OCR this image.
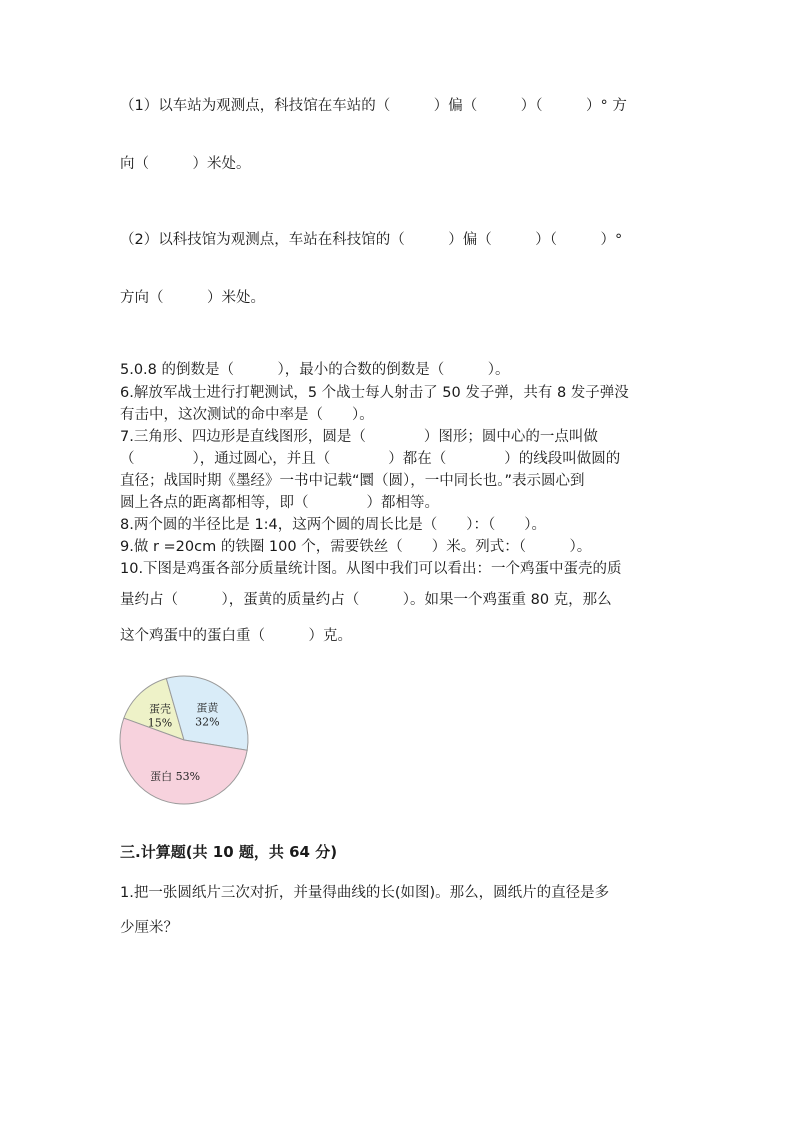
（1）以车站为观测点，科技馆在车站的（　　　）偏（　　　）（　　　）° 方
向（　　　）米处。
（2）以科技馆为观测点，车站在科技馆的（　　　）偏（　　　）（　　　）°
方向（　　　）米处。
5.0.8 的倒数是（　　　），最小的合数的倒数是（　　　）。
6.解放军战士进行打靶测试，5 个战士每人射击了 50 发子弹，共有 8 发子弹没
有击中，这次测试的命中率是（　　）。
7.三角形、四边形是直线图形，圆是（　　　　）图形；圆中心的一点叫做
（　　　　），通过圆心，并且（　　　　）都在（　　　　）的线段叫做圆的
直径；战国时期《墨经》一书中记载“圜（圆），一中同长也。”表示圆心到
圆上各点的距离都相等，即（　　　　）都相等。
8.两个圆的半径比是 1:4，这两个圆的周长比是（　　）：（　　）。
9.做 r =20cm 的铁圈 100 个，需要铁丝（　　）米。列式：（　　　）。
10.下图是鸡蛋各部分质量统计图。从图中我们可以看出：一个鸡蛋中蛋壳的质
量约占（　　　），蛋黄的质量约占（　　　）。如果一个鸡蛋重 80 克，那么
这个鸡蛋中的蛋白重（　　　）克。
蛋壳
15%
蛋黄
32%
蛋白 53%
三.计算题(共 10 题，共 64 分)
1.把一张圆纸片三次对折，并量得曲线的长(如图)。那么，圆纸片的直径是多
少厘米？
